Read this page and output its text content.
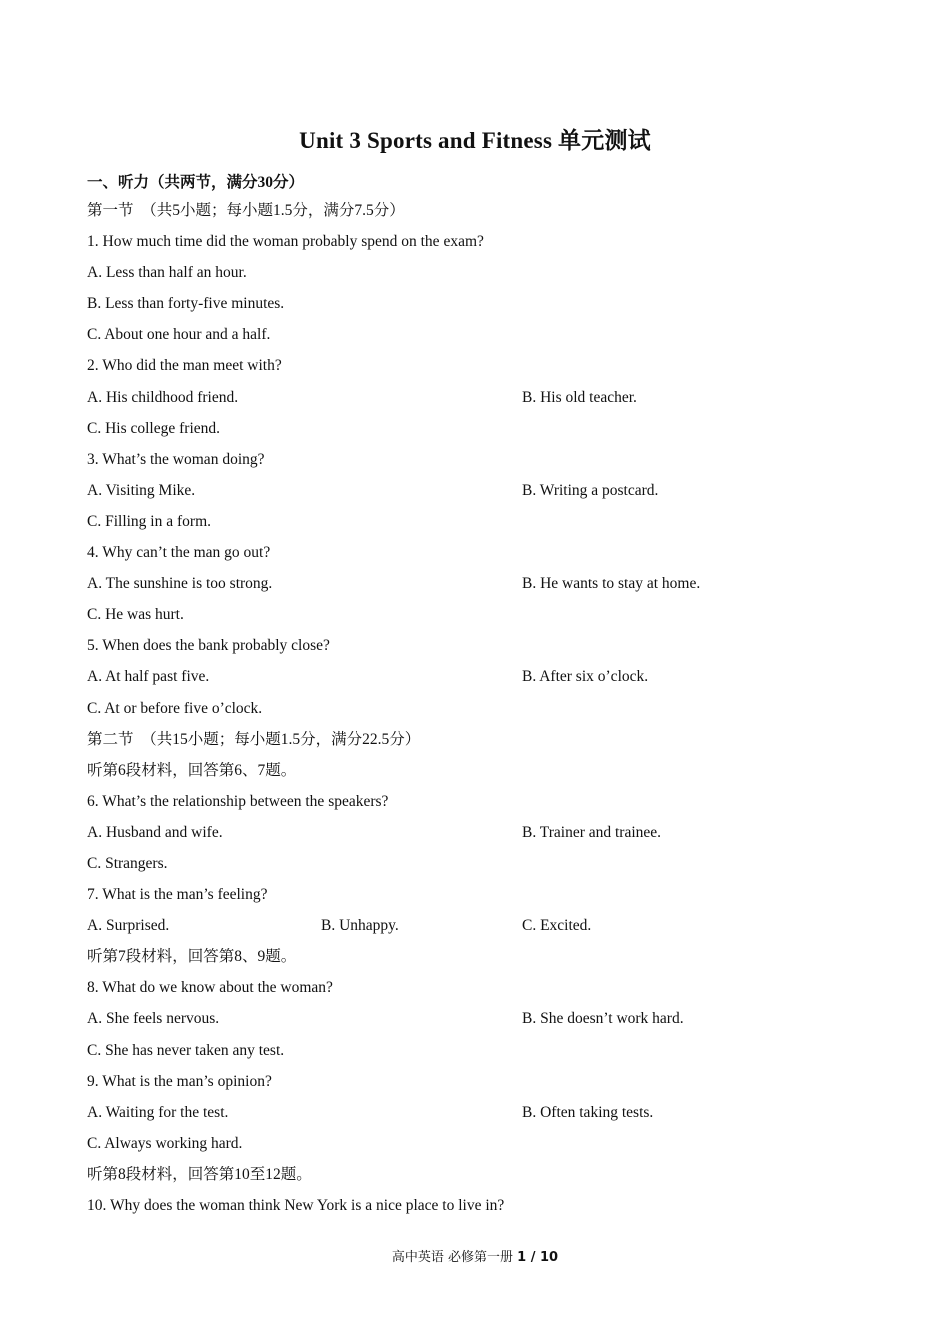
Unit 3 Sports and Fitness 单元测试
一、听力（共两节，满分30分）
第一节　（共5小题；每小题1.5分，满分7.5分）
1. How much time did the woman probably spend on the exam?
A. Less than half an hour.
B. Less than forty-five minutes.
C. About one hour and a half.
2. Who did the man meet with?
A. His childhood friend.	B. His old teacher.
C. His college friend.
3. What’s the woman doing?
A. Visiting Mike.	B. Writing a postcard.
C. Filling in a form.
4. Why can’t the man go out?
A. The sunshine is too strong.	B. He wants to stay at home.
C. He was hurt.
5. When does the bank probably close?
A. At half past five.	B. After six o’clock.
C. At or before five o’clock.
第二节　（共15小题；每小题1.5分，满分22.5分）
听第6段材料，回答第6、7题。
6. What’s the relationship between the speakers?
A. Husband and wife.	B. Trainer and trainee.
C. Strangers.
7. What is the man’s feeling?
A. Surprised.	B. Unhappy.	C. Excited.
听第7段材料，回答第8、9题。
8. What do we know about the woman?
A. She feels nervous.	B. She doesn’t work hard.
C. She has never taken any test.
9. What is the man’s opinion?
A. Waiting for the test.	B. Often taking tests.
C. Always working hard.
听第8段材料，回答第10至12题。
10. Why does the woman think New York is a nice place to live in?
高中英语 必修第一册 1 / 10
